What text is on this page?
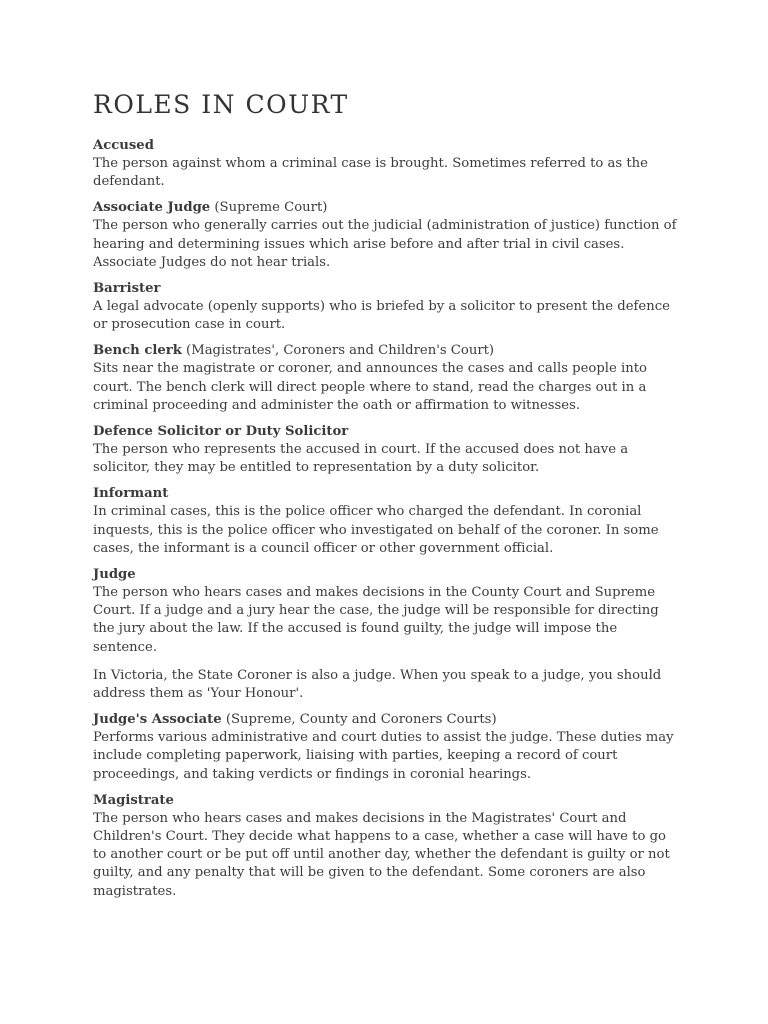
ROLES IN COURT
Accused

The person against whom a criminal case is brought. Sometimes referred to as the defendant.

Associate Judge (Supreme Court)

The person who generally carries out the judicial (administration of justice) function of hearing and determining issues which arise before and after trial in civil cases. Associate Judges do not hear trials.

Barrister

A legal advocate (openly supports) who is briefed by a solicitor to present the defence or prosecution case in court.

Bench clerk (Magistrates', Coroners and Children's Court)

Sits near the magistrate or coroner, and announces the cases and calls people into court. The bench clerk will direct people where to stand, read the charges out in a criminal proceeding and administer the oath or affirmation to witnesses.

Defence Solicitor or Duty Solicitor

The person who represents the accused in court. If the accused does not have a solicitor, they may be entitled to representation by a duty solicitor.

Informant

In criminal cases, this is the police officer who charged the defendant. In coronial inquests, this is the police officer who investigated on behalf of the coroner. In some cases, the informant is a council officer or other government official.

Judge

The person who hears cases and makes decisions in the County Court and Supreme Court. If a judge and a jury hear the case, the judge will be responsible for directing the jury about the law. If the accused is found guilty, the judge will impose the sentence.

In Victoria, the State Coroner is also a judge. When you speak to a judge, you should address them as 'Your Honour'.

Judge's Associate (Supreme, County and Coroners Courts)

Performs various administrative and court duties to assist the judge. These duties may include completing paperwork, liaising with parties, keeping a record of court proceedings, and taking verdicts or findings in coronial hearings.

Magistrate

The person who hears cases and makes decisions in the Magistrates' Court and Children's Court. They decide what happens to a case, whether a case will have to go to another court or be put off until another day, whether the defendant is guilty or not guilty, and any penalty that will be given to the defendant. Some coroners are also magistrates.
